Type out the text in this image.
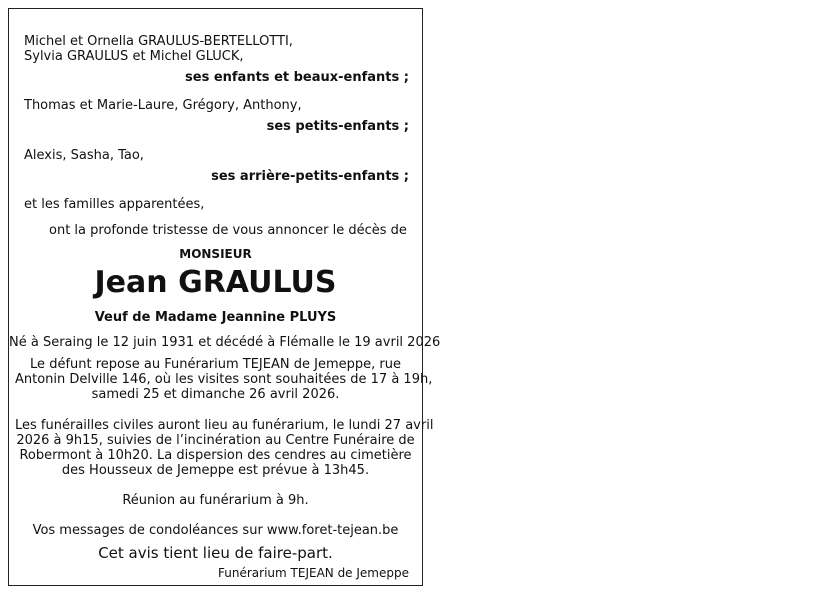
Michel et Ornella GRAULUS-BERTELLOTTI,
Sylvia GRAULUS et Michel GLUCK,
ses enfants et beaux-enfants ;
Thomas et Marie-Laure, Grégory, Anthony,
ses petits-enfants ;
Alexis, Sasha, Tao,
ses arrière-petits-enfants ;
et les familles apparentées,
ont la profonde tristesse de vous annoncer le décès de
MONSIEUR
Jean GRAULUS
Veuf de Madame Jeannine PLUYS
Né à Seraing le 12 juin 1931 et décédé à Flémalle le 19 avril 2026
Le défunt repose au Funérarium TEJEAN de Jemeppe, rue
Antonin Delville 146, où les visites sont souhaitées de 17 à 19h,
samedi 25 et dimanche 26 avril 2026.
Les funérailles civiles auront lieu au funérarium, le lundi 27 avril
2026 à 9h15, suivies de l’incinération au Centre Funéraire de
Robermont à 10h20. La dispersion des cendres au cimetière
des Housseux de Jemeppe est prévue à 13h45.
Réunion au funérarium à 9h.
Vos messages de condoléances sur www.foret-tejean.be
Cet avis tient lieu de faire-part.
Funérarium TEJEAN de Jemeppe
